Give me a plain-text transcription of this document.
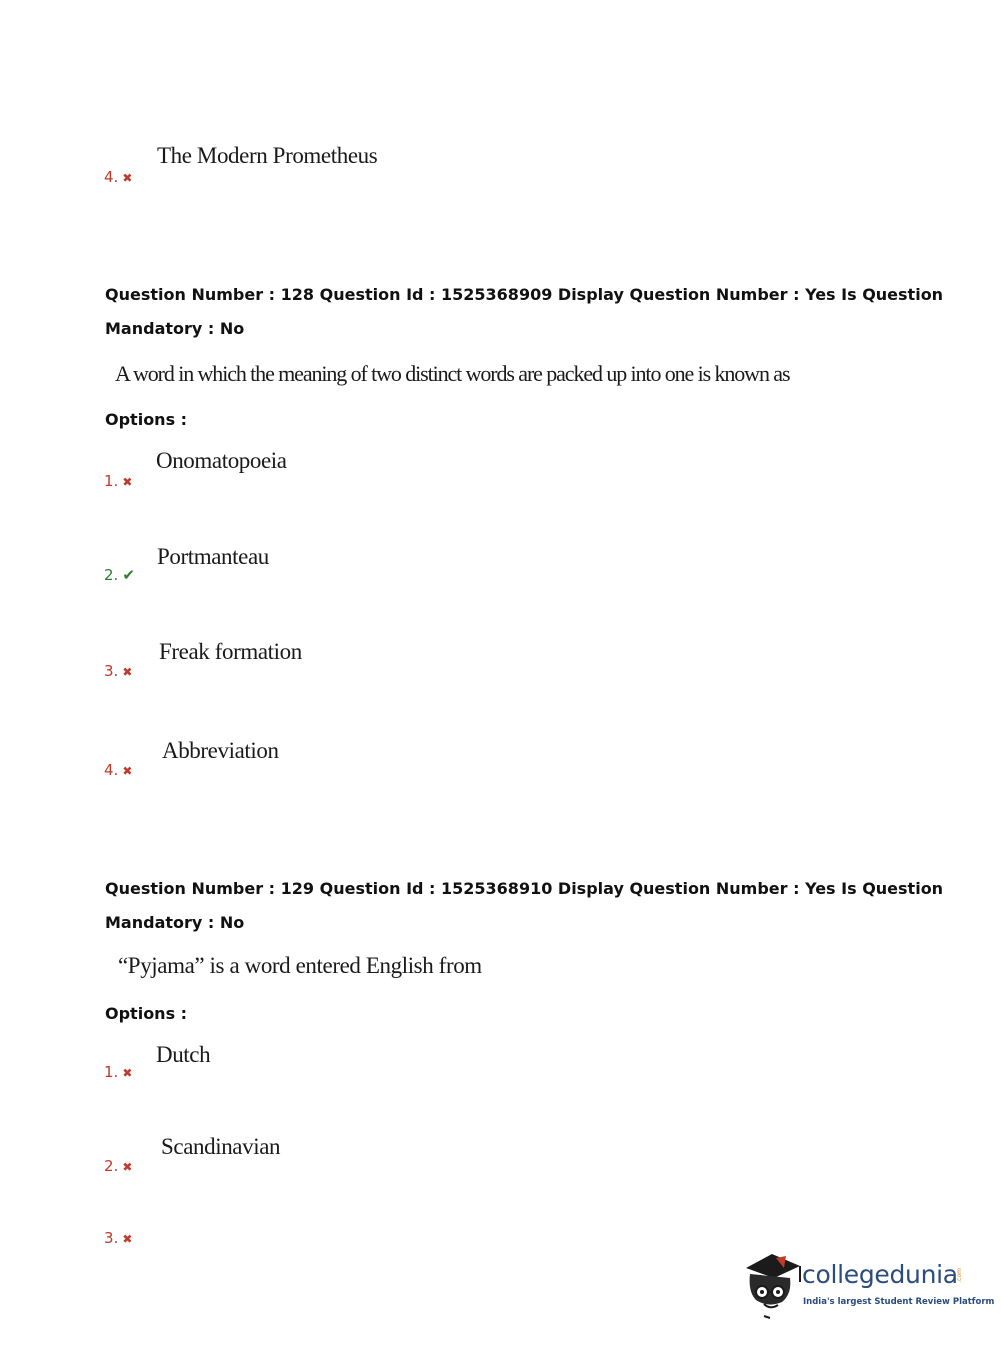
The Modern Prometheus
4. ✖
Question Number : 128 Question Id : 1525368909 Display Question Number : Yes Is Question
Mandatory : No
A word in which the meaning of two distinct words are packed up into one is known as
Options :
Onomatopoeia
1. ✖
Portmanteau
2. ✔
Freak formation
3. ✖
Abbreviation
4. ✖
Question Number : 129 Question Id : 1525368910 Display Question Number : Yes Is Question
Mandatory : No
“Pyjama” is a word entered English from
Options :
Dutch
1. ✖
Scandinavian
2. ✖
3. ✖
collegedunia
.com
India's largest Student Review Platform
